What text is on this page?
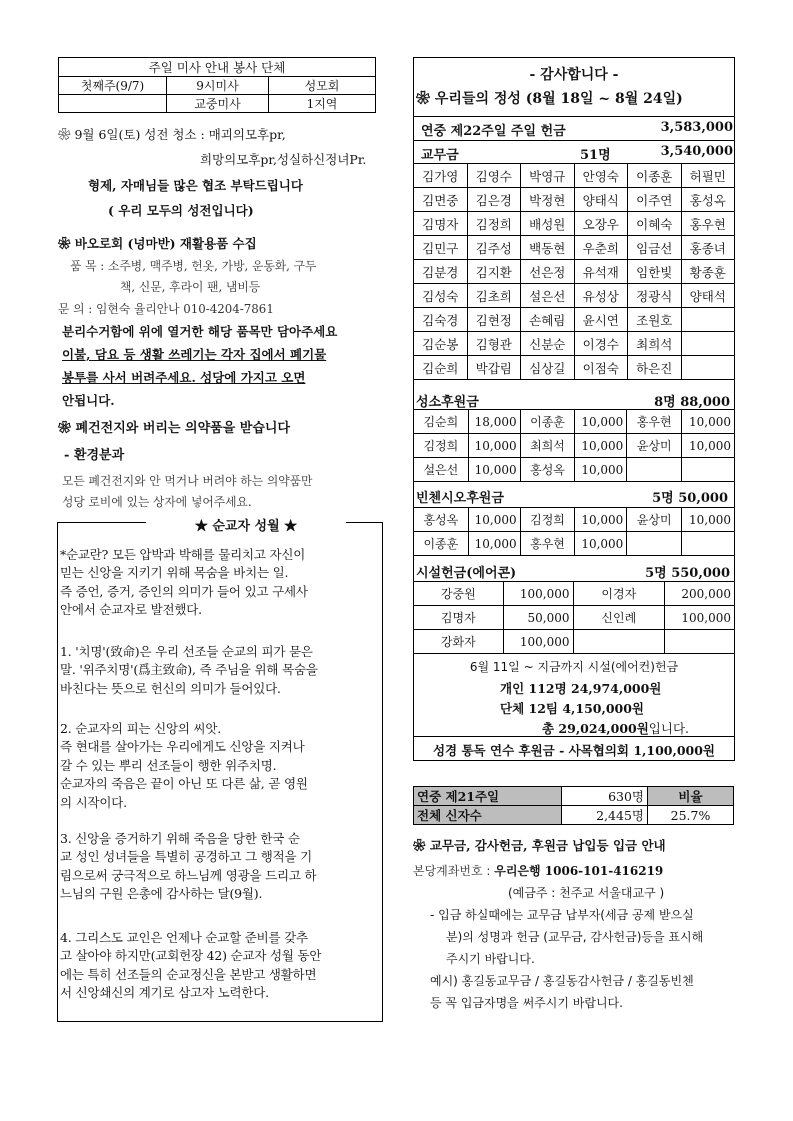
주일 미사 안내 봉사 단체		
첫째주(9/7)	9시미사	성모회
	교중미사	1지역
❀ 9월 6일(토) 성전 청소 : 매괴의모후pr,
희망의모후pr,성실하신정녀Pr.
형제, 자매님들 많은 협조 부탁드립니다
( 우리 모두의 성전입니다)
❀ 바오로회 (넝마반) 재활용품 수집
품 목 : 소주병, 맥주병, 헌옷, 가방, 운동화, 구두
책, 신문, 후라이 팬, 냄비등
문 의 : 임현숙 율리안나 010-4204-7861
분리수거함에 위에 열거한 해당 품목만 담아주세요
이불, 담요 등 생활 쓰레기는 각자 집에서 폐기물
봉투를 사서 버려주세요. 성당에 가지고 오면
안됩니다.
❀ 폐건전지와 버리는 의약품을 받습니다
- 환경분과
모든 폐건전지와 안 먹거나 버려야 하는 의약품만
성당 로비에 있는 상자에 넣어주세요.
★ 순교자 성월 ★
*순교란? 모든 압박과 박해를 물리치고 자신이
믿는 신앙을 지키기 위해 목숨을 바치는 일.
즉 증언, 증거, 증인의 의미가 들어 있고 구세사
안에서 순교자로 발전했다.
1. '치명'(致命)은 우리 선조들 순교의 피가 묻은
말. '위주치명'(爲主致命), 즉 주님을 위해 목숨을
바친다는 뜻으로 헌신의 의미가 들어있다.
2. 순교자의 피는 신앙의 씨앗.
즉 현대를 살아가는 우리에게도 신앙을 지켜나
갈 수 있는 뿌리 선조들이 행한 위주치명.
순교자의 죽음은 끝이 아닌 또 다른 삶, 곧 영원
의 시작이다.
3. 신앙을 증거하기 위해 죽음을 당한 한국 순
교 성인 성녀들을 특별히 공경하고 그 행적을 기
림으로써 궁극적으로 하느님께 영광을 드리고 하
느님의 구원 은총에 감사하는 달(9월).
4. 그리스도 교인은 언제나 순교할 준비를 갖추
고 살아야 하지만(교회헌장 42) 순교자 성월 동안
에는 특히 선조들의 순교정신을 본받고 생활하면
서 신앙쇄신의 계기로 삼고자 노력한다.
- 감사합니다 -
❀ 우리들의 정성 (8월 18일 ~ 8월 24일)
연중 제22주일 주일 헌금	3,583,000
교무금	51명	3,540,000
김가영	김영수	박영규	안영숙	이종훈	허필민
김면중	김은경	박정현	양태식	이주연	홍성옥
김명자	김정희	배성원	오장우	이혜숙	홍우현
김민구	김주성	백동현	우춘희	임금선	홍종녀
김분경	김지환	선은정	유석재	임한빛	황종훈
김성숙	김초희	설은선	유성상	정광식	양태석
김숙경	김현정	손혜림	윤시연	조원호	
김순봉	김형관	신분순	이경수	최희석	
김순희	박갑림	심상길	이점숙	하은진	
성소후원금	8명 88,000
김순희	18,000	이종훈	10,000	홍우현	10,000
김정희	10,000	최희석	10,000	윤상미	10,000
설은선	10,000	홍성옥	10,000		
빈첸시오후원금	5명 50,000
홍성옥	10,000	김정희	10,000	윤상미	10,000
이종훈	10,000	홍우현	10,000		
시설헌금(에어콘)	5명 550,000
강중원	100,000	이경자	200,000
김명자	50,000	신인례	100,000
강화자	100,000		
6월 11일 ~ 지금까지 시설(에어컨)헌금
개인 112명 24,974,000원
단체 12팀 4,150,000원
총 29,024,000원입니다.
성경 통독 연수 후원금 - 사목협의회 1,100,000원
연중 제21주일	630명	비율
전체 신자수	2,445명	25.7%
❀ 교무금, 감사헌금, 후원금 납입등 입금 안내
본당계좌번호 : 우리은행 1006-101-416219
(예금주 : 천주교 서울대교구 )
- 입금 하실때에는 교무금 납부자(세금 공제 받으실
분)의 성명과 헌금 (교무금, 감사헌금)등을 표시해
주시기 바랍니다.
예시) 홍길동교무금 / 홍길동감사헌금 / 홍길동빈첸
등 꼭 입금자명을 써주시기 바랍니다.
